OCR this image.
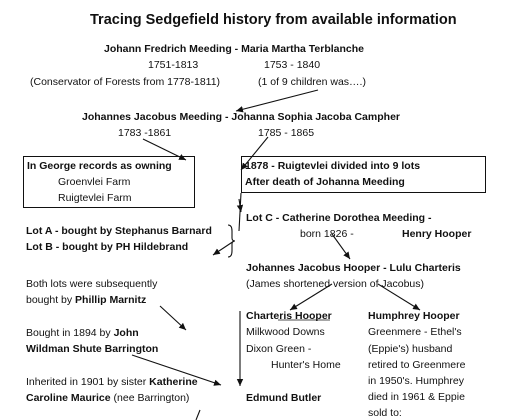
Tracing Sedgefield history from available information
Johann Fredrich Meeding - Maria Martha Terblanche
1751-1813	1753 - 1840
(Conservator of Forests from 1778-1811)	(1 of 9 children was….)
Johannes Jacobus Meeding - Johanna Sophia Jacoba Campher
1783 -1861	1785 - 1865
In George records as owning
Groenvlei Farm
Ruigtevlei Farm
1878 - Ruigtevlei divided into 9 lots
After death of Johanna Meeding
Lot A - bought by Stephanus Barnard
Lot B - bought by PH Hildebrand
Both lots were subsequently
bought by Phillip Marnitz
Bought in 1894 by John
Wildman Shute Barrington
Inherited in 1901 by sister Katherine
Caroline Maurice (nee Barrington)
Lot C - Catherine Dorothea Meeding -
born 1826 -	Henry Hooper
Johannes Jacobus Hooper - Lulu Charteris
(James shortened version of Jacobus)
Charteris Hooper
Milkwood Downs
Dixon Green -
Hunter's Home
Humphrey Hooper
Greenmere - Ethel's
(Eppie's) husband
retired to Greenmere
in 1950's. Humphrey
died in 1961 & Eppie
sold to:
Edmund Butler
